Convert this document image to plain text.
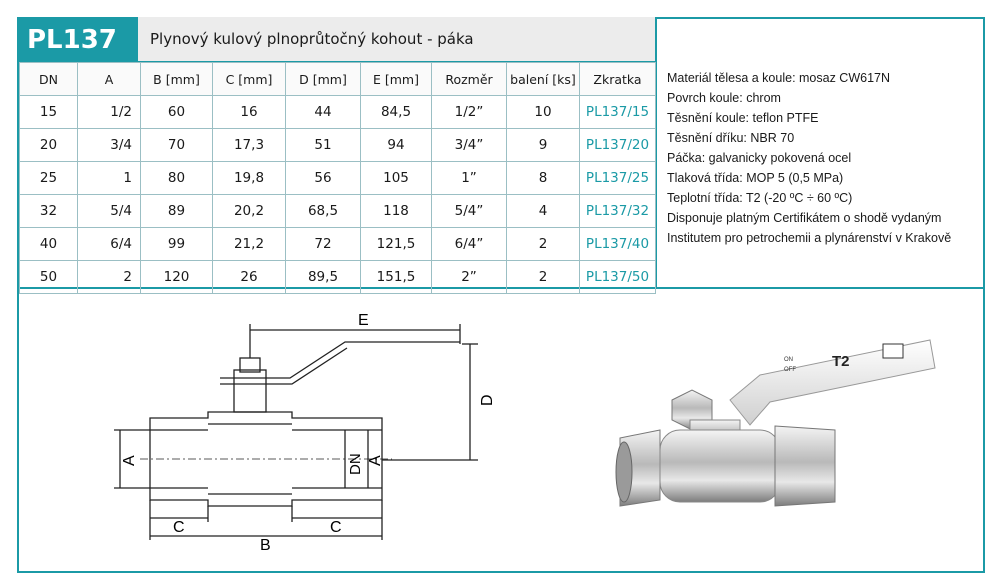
PL137	Plynový kulový plnoprůtočný kohout - páka
DN	A	B [mm]	C [mm]	D [mm]	E [mm]	Rozměr	balení [ks]	Zkratka
15	1/2	60	16	44	84,5	1/2”	10	PL137/15
20	3/4	70	17,3	51	94	3/4”	9	PL137/20
25	1	80	19,8	56	105	1”	8	PL137/25
32	5/4	89	20,2	68,5	118	5/4”	4	PL137/32
40	6/4	99	21,2	72	121,5	6/4”	2	PL137/40
50	2	120	26	89,5	151,5	2”	2	PL137/50
Materiál tělesa a koule: mosaz CW617N
Povrch koule: chrom
Těsnění koule: teflon PTFE
Těsnění dříku: NBR 70
Páčka: galvanicky pokovená ocel
Tlaková třída: MOP 5 (0,5 MPa)
Teplotní třída: T2 (-20 ºC ÷ 60 ºC)
Disponuje platným Certifikátem o shodě vydaným
Institutem pro petrochemii a plynárenství v Krakově
E
D
A	DN A
C	C
B
T2
ON
OFF
